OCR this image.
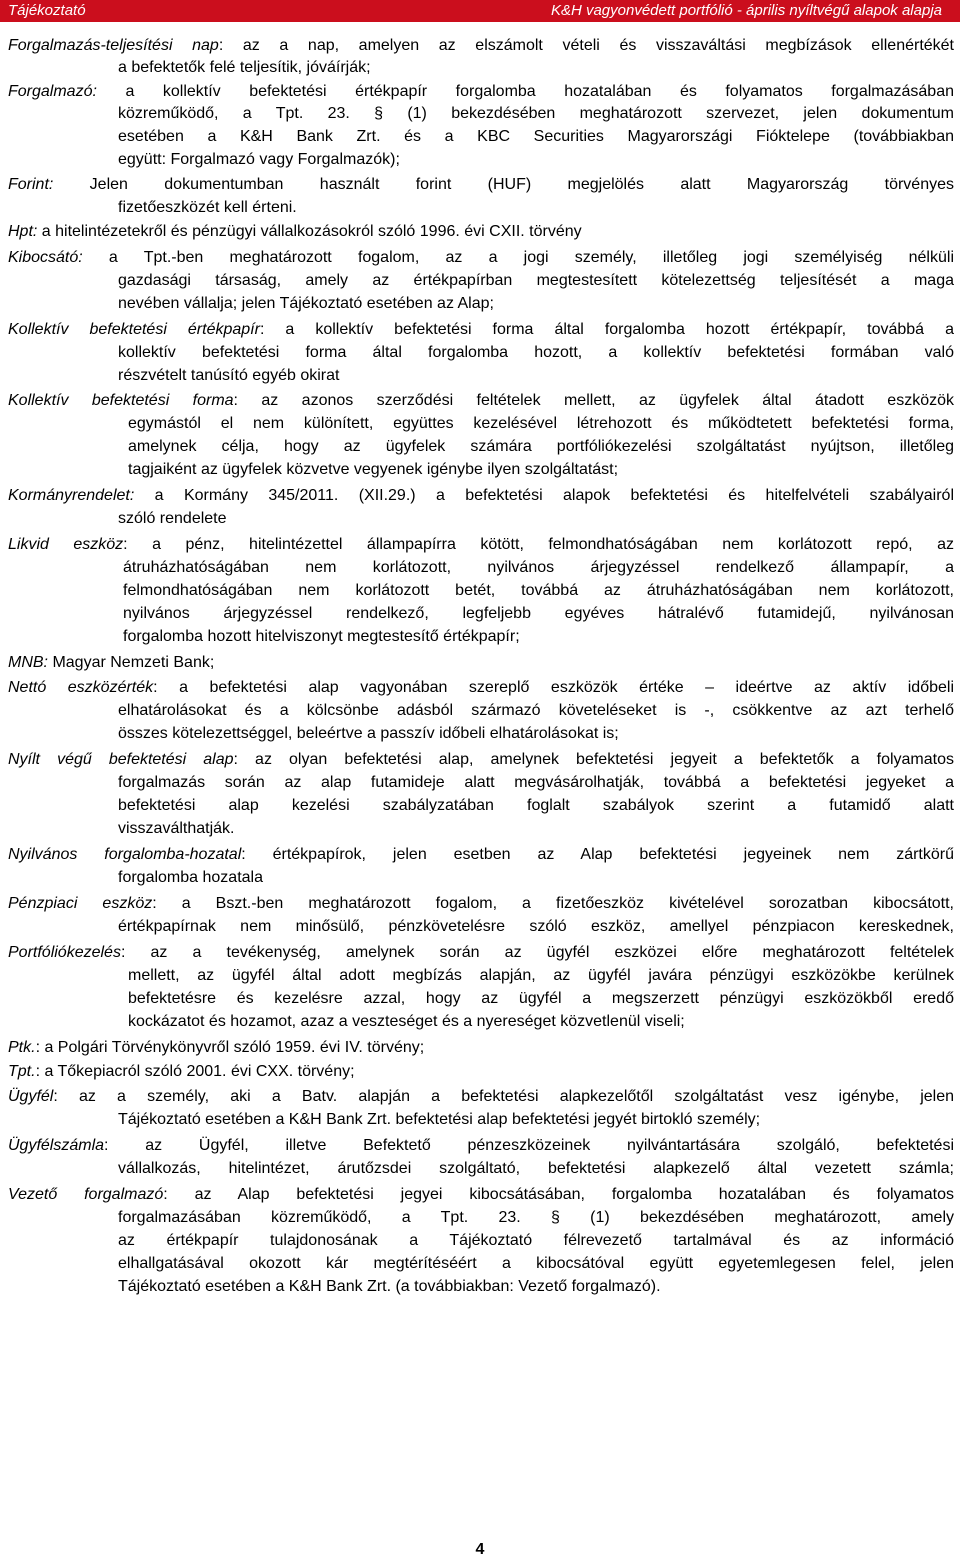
Tájékoztató	K&H vagyonvédett portfólió - április nyíltvégű alapok alapja
Forgalmazás-teljesítési nap: az a nap, amelyen az elszámolt vételi és visszaváltási megbízások ellenértékét
a befektetők felé teljesítik, jóváírják;
Forgalmazó: a kollektív befektetési értékpapír forgalomba hozatalában és folyamatos forgalmazásában
közreműködő, a Tpt. 23. § (1) bekezdésében meghatározott szervezet, jelen dokumentum
esetében a K&H Bank Zrt. és a KBC Securities Magyarországi Fióktelepe (továbbiakban
együtt: Forgalmazó vagy Forgalmazók);
Forint: Jelen dokumentumban használt forint (HUF) megjelölés alatt Magyarország törvényes
fizetőeszközét kell érteni.
Hpt: a hitelintézetekről és pénzügyi vállalkozásokról szóló 1996. évi CXII. törvény
Kibocsátó: a Tpt.-ben meghatározott fogalom, az a jogi személy, illetőleg jogi személyiség nélküli
gazdasági társaság, amely az értékpapírban megtestesített kötelezettség teljesítését a maga
nevében vállalja; jelen Tájékoztató esetében az Alap;
Kollektív befektetési értékpapír: a kollektív befektetési forma által forgalomba hozott értékpapír, továbbá a
kollektív befektetési forma által forgalomba hozott, a kollektív befektetési formában való
részvételt tanúsító egyéb okirat
Kollektív befektetési forma: az azonos szerződési feltételek mellett, az ügyfelek által átadott eszközök
egymástól el nem különített, együttes kezelésével létrehozott és működtetett befektetési forma,
amelynek célja, hogy az ügyfelek számára portfóliókezelési szolgáltatást nyújtson, illetőleg
tagjaiként az ügyfelek közvetve vegyenek igénybe ilyen szolgáltatást;
Kormányrendelet: a Kormány 345/2011. (XII.29.) a befektetési alapok befektetési és hitelfelvételi szabályairól
szóló rendelete
Likvid eszköz: a pénz, hitelintézettel állampapírra kötött, felmondhatóságában nem korlátozott repó, az
átruházhatóságában nem korlátozott, nyilvános árjegyzéssel rendelkező állampapír, a
felmondhatóságában nem korlátozott betét, továbbá az átruházhatóságában nem korlátozott,
nyilvános árjegyzéssel rendelkező, legfeljebb egyéves hátralévő futamidejű, nyilvánosan
forgalomba hozott hitelviszonyt megtestesítő értékpapír;
MNB: Magyar Nemzeti Bank;
Nettó eszközérték: a befektetési alap vagyonában szereplő eszközök értéke – ideértve az aktív időbeli
elhatárolásokat és a kölcsönbe adásból származó követeléseket is -, csökkentve az azt terhelő
összes kötelezettséggel, beleértve a passzív időbeli elhatárolásokat is;
Nyílt végű befektetési alap: az olyan befektetési alap, amelynek befektetési jegyeit a befektetők a folyamatos
forgalmazás során az alap futamideje alatt megvásárolhatják, továbbá a befektetési jegyeket a
befektetési alap kezelési szabályzatában foglalt szabályok szerint a futamidő alatt
visszaválthatják.
Nyilvános forgalomba-hozatal: értékpapírok, jelen esetben az Alap befektetési jegyeinek nem zártkörű
forgalomba hozatala
Pénzpiaci eszköz: a Bszt.-ben meghatározott fogalom, a fizetőeszköz kivételével sorozatban kibocsátott,
értékpapírnak nem minősülő, pénzkövetelésre szóló eszköz, amellyel pénzpiacon kereskednek,
Portfóliókezelés: az a tevékenység, amelynek során az ügyfél eszközei előre meghatározott feltételek
mellett, az ügyfél által adott megbízás alapján, az ügyfél javára pénzügyi eszközökbe kerülnek
befektetésre és kezelésre azzal, hogy az ügyfél a megszerzett pénzügyi eszközökből eredő
kockázatot és hozamot, azaz a veszteséget és a nyereséget közvetlenül viseli;
Ptk.: a Polgári Törvénykönyvről szóló 1959. évi IV. törvény;
Tpt.: a Tőkepiacról szóló 2001. évi CXX. törvény;
Ügyfél: az a személy, aki a Batv. alapján a befektetési alapkezelőtől szolgáltatást vesz igénybe, jelen
Tájékoztató esetében a K&H Bank Zrt. befektetési alap befektetési jegyét birtokló személy;
Ügyfélszámla: az Ügyfél, illetve Befektető pénzeszközeinek nyilvántartására szolgáló, befektetési
vállalkozás, hitelintézet, árutőzsdei szolgáltató, befektetési alapkezelő által vezetett számla;
Vezető forgalmazó: az Alap befektetési jegyei kibocsátásában, forgalomba hozatalában és folyamatos
forgalmazásában közreműködő, a Tpt. 23. § (1) bekezdésében meghatározott, amely
az értékpapír tulajdonosának a Tájékoztató félrevezető tartalmával és az információ
elhallgatásával okozott kár megtérítéséért a kibocsátóval együtt egyetemlegesen felel, jelen
Tájékoztató esetében a K&H Bank Zrt. (a továbbiakban: Vezető forgalmazó).
4
